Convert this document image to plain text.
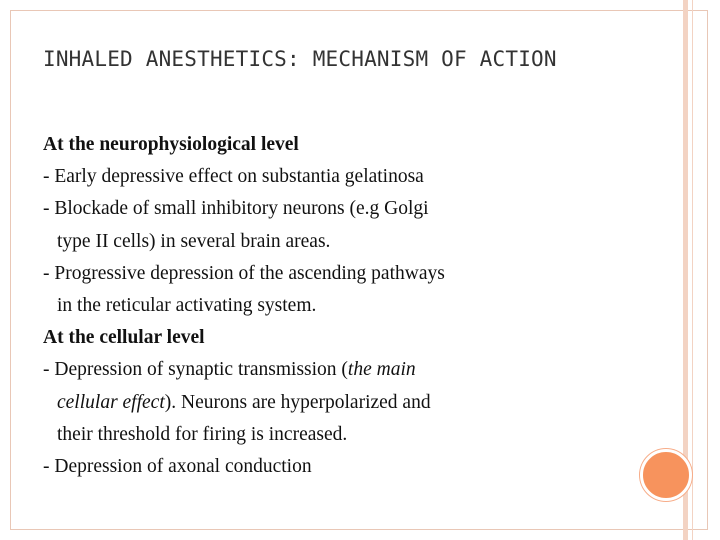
INHALED ANESTHETICS: MECHANISM OF ACTION
At the neurophysiological level
- Early depressive effect on substantia gelatinosa
- Blockade of small inhibitory neurons (e.g Golgi
type II cells) in several brain areas.
- Progressive depression of the ascending pathways
in the reticular activating system.
At the cellular level
- Depression of synaptic transmission (the main
cellular effect). Neurons are hyperpolarized and
their threshold for firing is increased.
- Depression of axonal conduction
